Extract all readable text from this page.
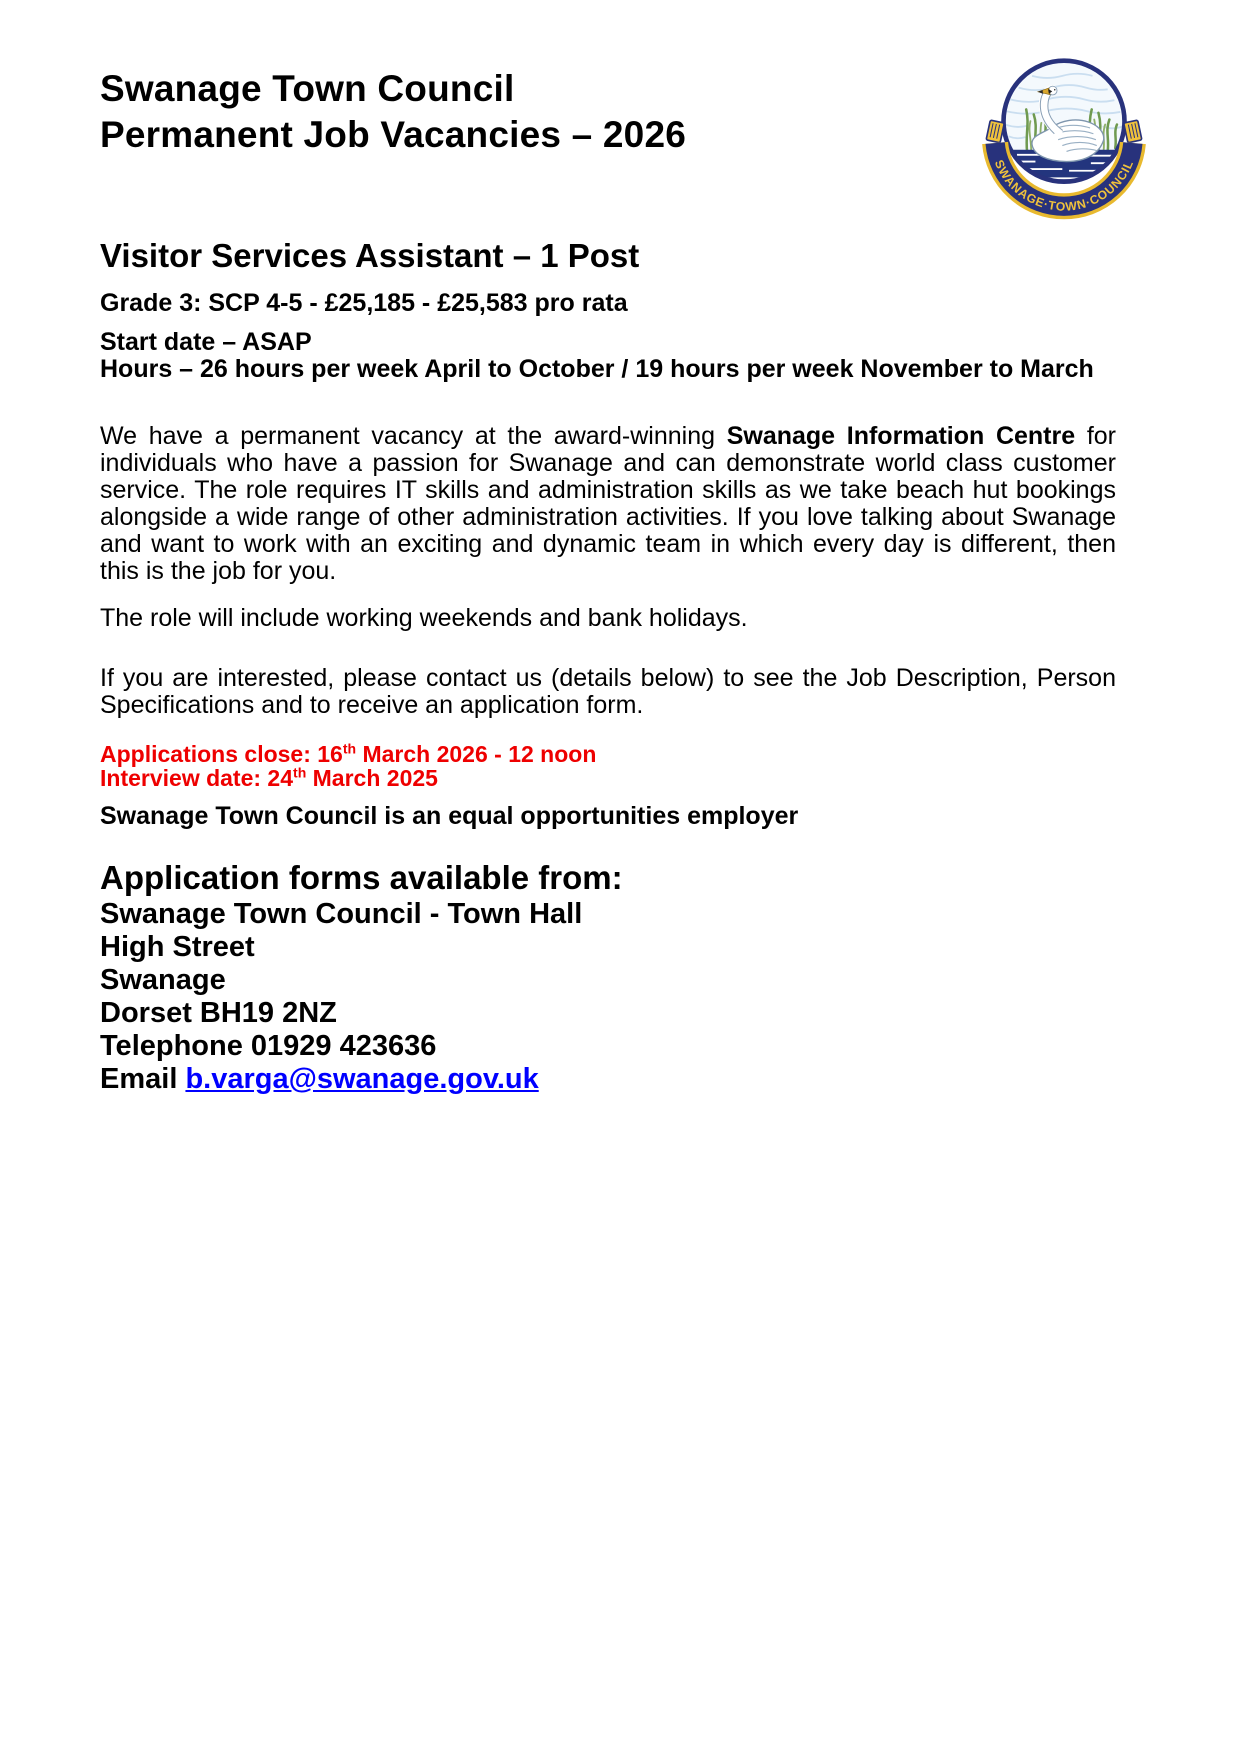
SWANAGE·TOWN·COUNCIL
Swanage Town Council
Permanent Job Vacancies – 2026
Visitor Services Assistant – 1 Post

Grade 3: SCP 4-5 - £25,185 - £25,583 pro rata

Start date – ASAP
Hours – 26 hours per week April to October / 19 hours per week November to March

We have a permanent vacancy at the award-winning Swanage Information Centre for individuals who have a passion for Swanage and can demonstrate world class customer service. The role requires IT skills and administration skills as we take beach hut bookings alongside a wide range of other administration activities. If you love talking about Swanage and want to work with an exciting and dynamic team in which every day is different, then this is the job for you.

The role will include working weekends and bank holidays.

If you are interested, please contact us (details below) to see the Job Description, Person Specifications and to receive an application form.

Applications close: 16th March 2026 - 12 noon
Interview date: 24th March 2025

Swanage Town Council is an equal opportunities employer

Application forms available from:
Swanage Town Council - Town Hall
High Street
Swanage
Dorset BH19 2NZ
Telephone 01929 423636
Email b.varga@swanage.gov.uk
